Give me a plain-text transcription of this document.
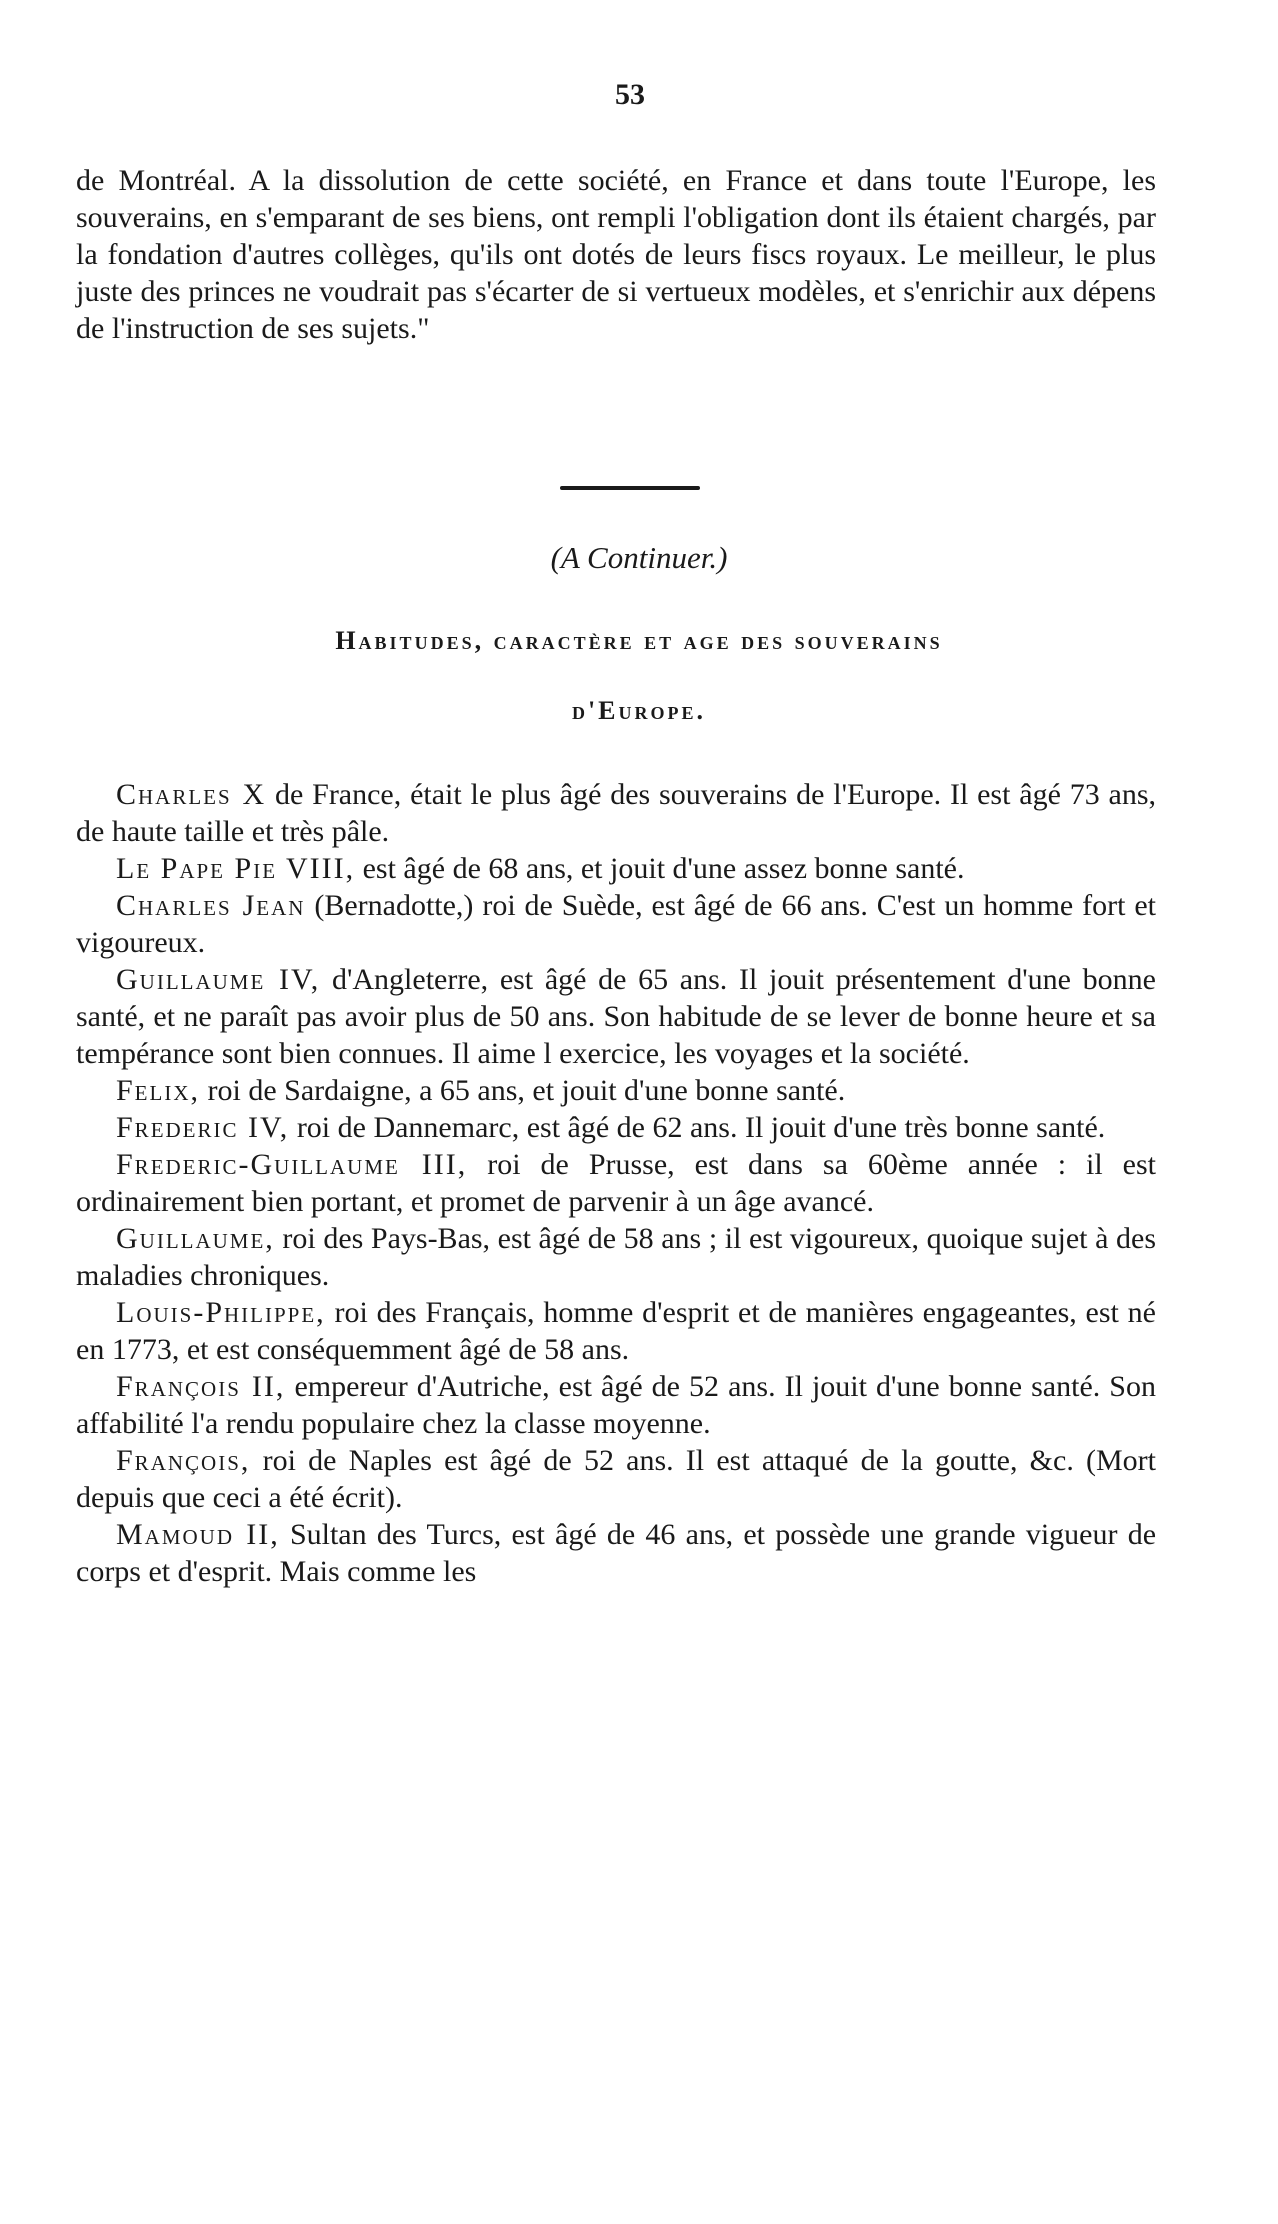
53

de Montréal. A la dissolution de cette société, en France et dans toute l'Europe, les souverains, en s'emparant de ses biens, ont rempli l'obligation dont ils étaient chargés, par la fondation d'autres collèges, qu'ils ont dotés de leurs fiscs royaux. Le meilleur, le plus juste des princes ne voudrait pas s'écarter de si vertueux modèles, et s'enrichir aux dépens de l'instruction de ses sujets."

(A Continuer.)
Habitudes, caractère et age des souverains
d'Europe.

Charles X de France, était le plus âgé des souverains de l'Europe. Il est âgé 73 ans, de haute taille et très pâle.

Le Pape Pie VIII, est âgé de 68 ans, et jouit d'une assez bonne santé.

Charles Jean (Bernadotte,) roi de Suède, est âgé de 66 ans. C'est un homme fort et vigoureux.

Guillaume IV, d'Angleterre, est âgé de 65 ans. Il jouit présentement d'une bonne santé, et ne paraît pas avoir plus de 50 ans. Son habitude de se lever de bonne heure et sa tempérance sont bien connues. Il aime l exercice, les voyages et la société.

Felix, roi de Sardaigne, a 65 ans, et jouit d'une bonne santé.

Frederic IV, roi de Dannemarc, est âgé de 62 ans. Il jouit d'une très bonne santé.

Frederic-Guillaume III, roi de Prusse, est dans sa 60ème année : il est ordinairement bien portant, et promet de parvenir à un âge avancé.

Guillaume, roi des Pays-Bas, est âgé de 58 ans ; il est vigoureux, quoique sujet à des maladies chroniques.

Louis-Philippe, roi des Français, homme d'esprit et de manières engageantes, est né en 1773, et est conséquemment âgé de 58 ans.

François II, empereur d'Autriche, est âgé de 52 ans. Il jouit d'une bonne santé. Son affabilité l'a rendu populaire chez la classe moyenne.

François, roi de Naples est âgé de 52 ans. Il est attaqué de la goutte, &c. (Mort depuis que ceci a été écrit).

Mamoud II, Sultan des Turcs, est âgé de 46 ans, et possède une grande vigueur de corps et d'esprit. Mais comme les
